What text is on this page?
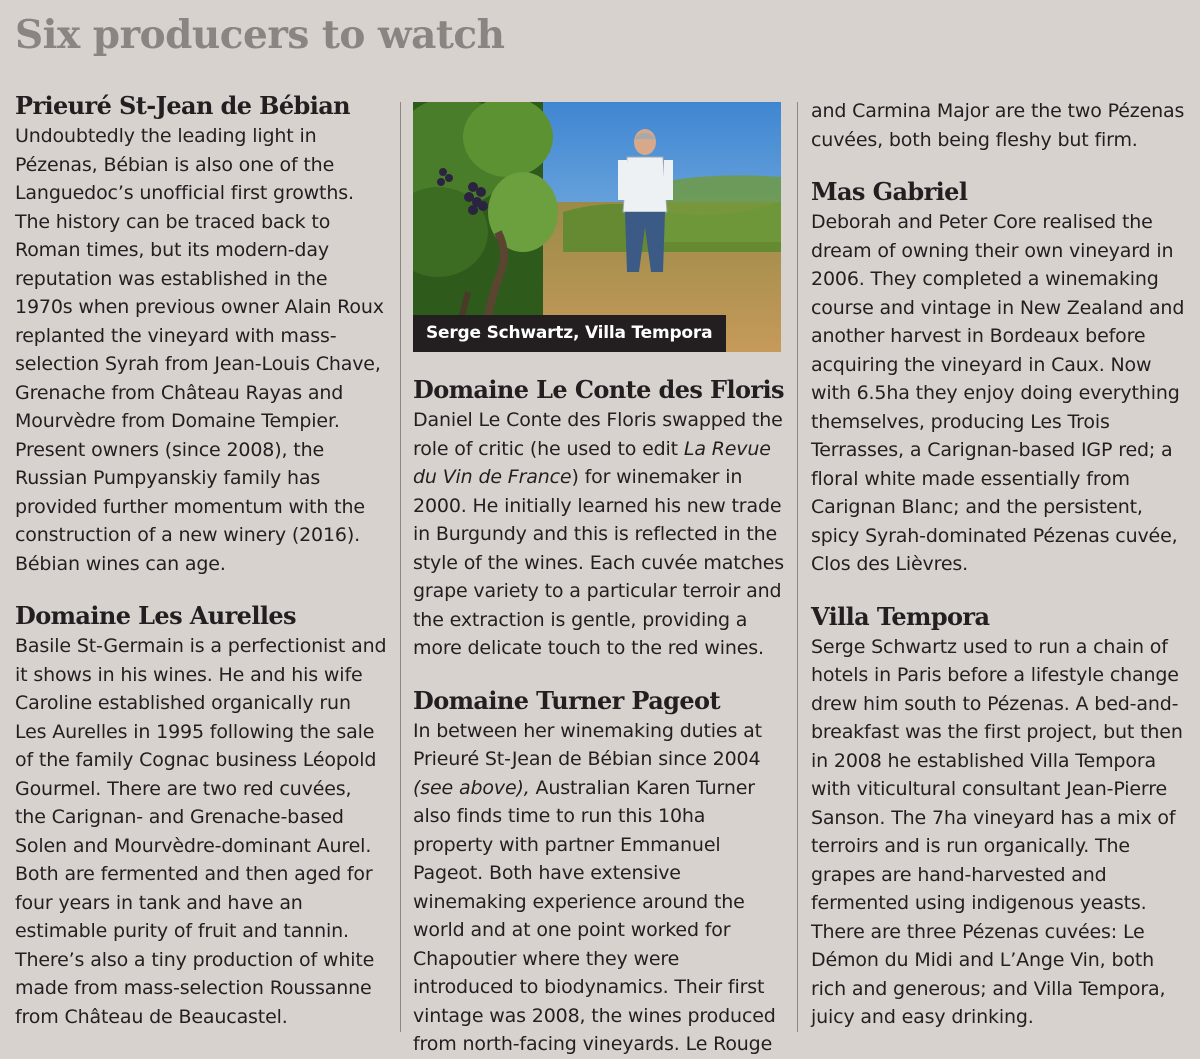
Six producers to watch
Prieuré St-Jean de Bébian

Undoubtedly the leading light in Pézenas, Bébian is also one of the Languedoc’s unofficial first growths. The history can be traced back to Roman times, but its modern-day reputation was established in the 1970s when previous owner Alain Roux replanted the vineyard with mass-selection Syrah from Jean-Louis Chave, Grenache from Château Rayas and Mourvèdre from Domaine Tempier. Present owners (since 2008), the Russian Pumpyanskiy family has provided further momentum with the construction of a new winery (2016). Bébian wines can age.

Domaine Les Aurelles

Basile St-Germain is a perfectionist and it shows in his wines. He and his wife Caroline established organically run Les Aurelles in 1995 following the sale of the family Cognac business Léopold Gourmel. There are two red cuvées, the Carignan- and Grenache-based Solen and Mourvèdre-dominant Aurel. Both are fermented and then aged for four years in tank and have an estimable purity of fruit and tannin. There’s also a tiny production of white made from mass-selection Roussanne from Château de Beaucastel.

Serge Schwartz, Villa Tempora
Domaine Le Conte des Floris

Daniel Le Conte des Floris swapped the role of critic (he used to edit La Revue du Vin de France) for winemaker in 2000. He initially learned his new trade in Burgundy and this is reflected in the style of the wines. Each cuvée matches grape variety to a particular terroir and the extraction is gentle, providing a more delicate touch to the red wines.

Domaine Turner Pageot

In between her winemaking duties at Prieuré St-Jean de Bébian since 2004 (see above), Australian Karen Turner also finds time to run this 10ha property with partner Emmanuel Pageot. Both have extensive winemaking experience around the world and at one point worked for Chapoutier where they were introduced to biodynamics. Their first vintage was 2008, the wines produced from north-facing vineyards. Le Rouge

and Carmina Major are the two Pézenas cuvées, both being fleshy but firm.

Mas Gabriel

Deborah and Peter Core realised the dream of owning their own vineyard in 2006. They completed a winemaking course and vintage in New Zealand and another harvest in Bordeaux before acquiring the vineyard in Caux. Now with 6.5ha they enjoy doing everything themselves, producing Les Trois Terrasses, a Carignan-based IGP red; a floral white made essentially from Carignan Blanc; and the persistent, spicy Syrah-dominated Pézenas cuvée, Clos des Lièvres.

Villa Tempora

Serge Schwartz used to run a chain of hotels in Paris before a lifestyle change drew him south to Pézenas. A bed-and-breakfast was the first project, but then in 2008 he established Villa Tempora with viticultural consultant Jean-Pierre Sanson. The 7ha vineyard has a mix of terroirs and is run organically. The grapes are hand-harvested and fermented using indigenous yeasts. There are three Pézenas cuvées: Le Démon du Midi and L’Ange Vin, both rich and generous; and Villa Tempora, juicy and easy drinking.
